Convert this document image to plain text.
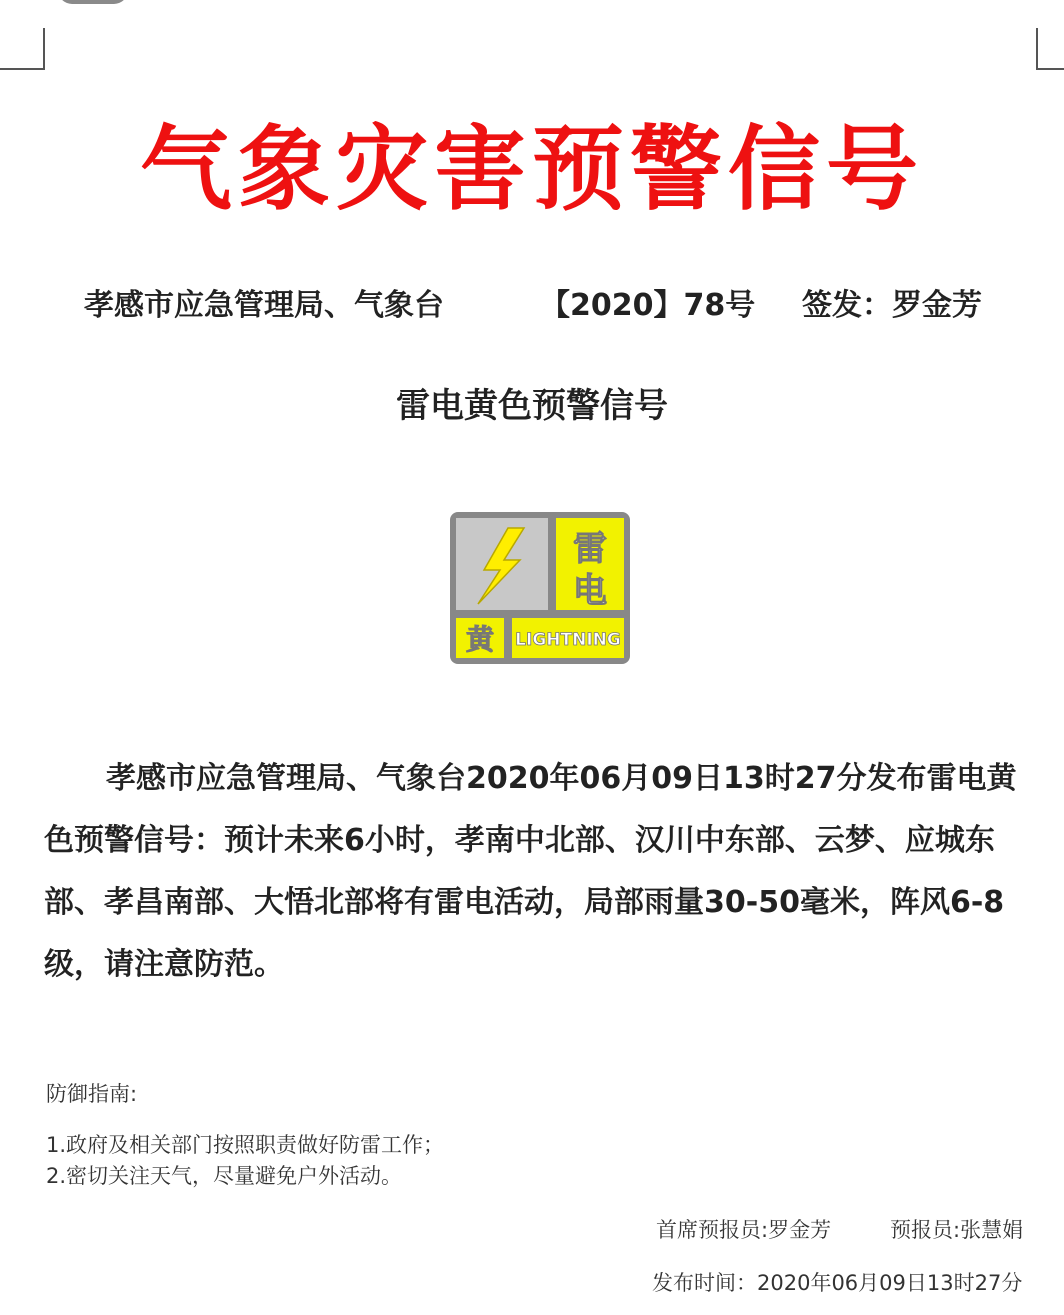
气象灾害预警信号
孝感市应急管理局、气象台	【2020】78号 签发：罗金芳
雷电黄色预警信号
雷
电
黄 LIGHTNING
孝感市应急管理局、气象台2020年06月09日13时27分发布雷电黄色预警信号：预计未来6小时，孝南中北部、汉川中东部、云梦、应城东部、孝昌南部、大悟北部将有雷电活动，局部雨量30-50毫米，阵风6-8级，请注意防范。
防御指南:
1.政府及相关部门按照职责做好防雷工作；
2.密切关注天气，尽量避免户外活动。
首席预报员:罗金芳	预报员:张慧娟
发布时间：2020年06月09日13时27分
